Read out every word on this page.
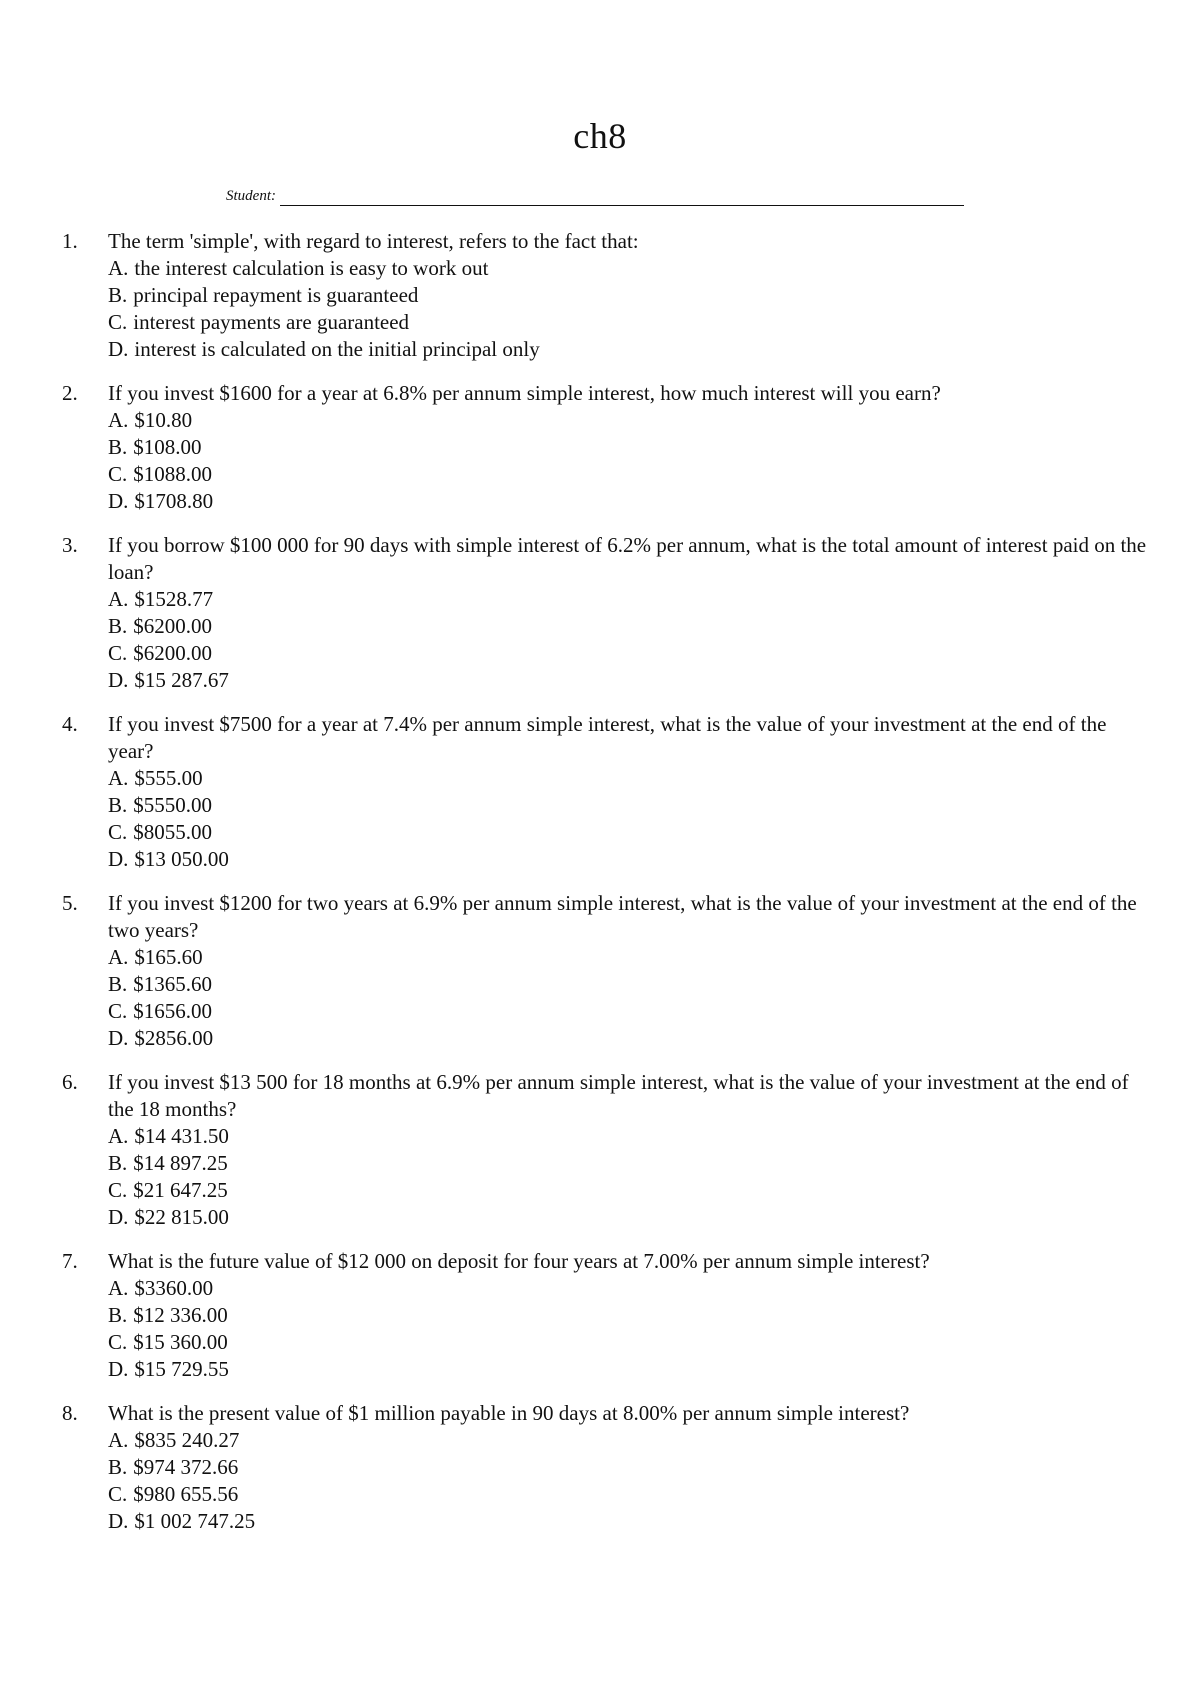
ch8
Student:
1.	The term 'simple', with regard to interest, refers to the fact that:
A. the interest calculation is easy to work out
B. principal repayment is guaranteed
C. interest payments are guaranteed
D. interest is calculated on the initial principal only
2.	If you invest $1600 for a year at 6.8% per annum simple interest, how much interest will you earn?
A. $10.80
B. $108.00
C. $1088.00
D. $1708.80
3.	If you borrow $100 000 for 90 days with simple interest of 6.2% per annum, what is the total amount of interest paid on the loan?
A. $1528.77
B. $6200.00
C. $6200.00
D. $15 287.67
4.	If you invest $7500 for a year at 7.4% per annum simple interest, what is the value of your investment at the end of the year?
A. $555.00
B. $5550.00
C. $8055.00
D. $13 050.00
5.	If you invest $1200 for two years at 6.9% per annum simple interest, what is the value of your investment at the end of the two years?
A. $165.60
B. $1365.60
C. $1656.00
D. $2856.00
6.	If you invest $13 500 for 18 months at 6.9% per annum simple interest, what is the value of your investment at the end of the 18 months?
A. $14 431.50
B. $14 897.25
C. $21 647.25
D. $22 815.00
7.	What is the future value of $12 000 on deposit for four years at 7.00% per annum simple interest?
A. $3360.00
B. $12 336.00
C. $15 360.00
D. $15 729.55
8.	What is the present value of $1 million payable in 90 days at 8.00% per annum simple interest?
A. $835 240.27
B. $974 372.66
C. $980 655.56
D. $1 002 747.25
